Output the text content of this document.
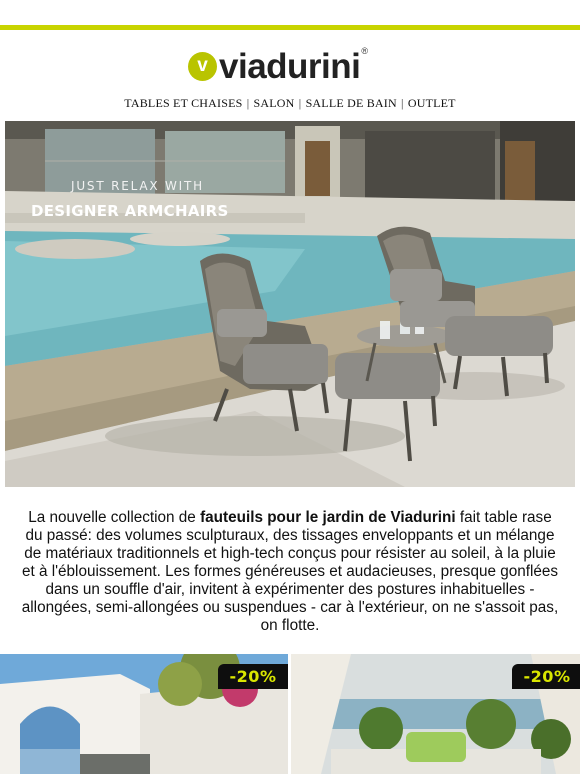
v viadurini ®
TABLES ET CHAISES | SALON | SALLE DE BAIN | OUTLET
JUST RELAX WITH
DESIGNER ARMCHAIRS

La nouvelle collection de fauteuils pour le jardin de Viadurini fait table rase du passé: des volumes sculpturaux, des tissages enveloppants et un mélange de matériaux traditionnels et high-tech conçus pour résister au soleil, à la pluie et à l'éblouissement. Les formes généreuses et audacieuses, presque gonflées dans un souffle d'air, invitent à expérimenter des postures inhabituelles - allongées, semi-allongées ou suspendues - car à l'extérieur, on ne s'assoit pas, on flotte.

-20%	-20%
